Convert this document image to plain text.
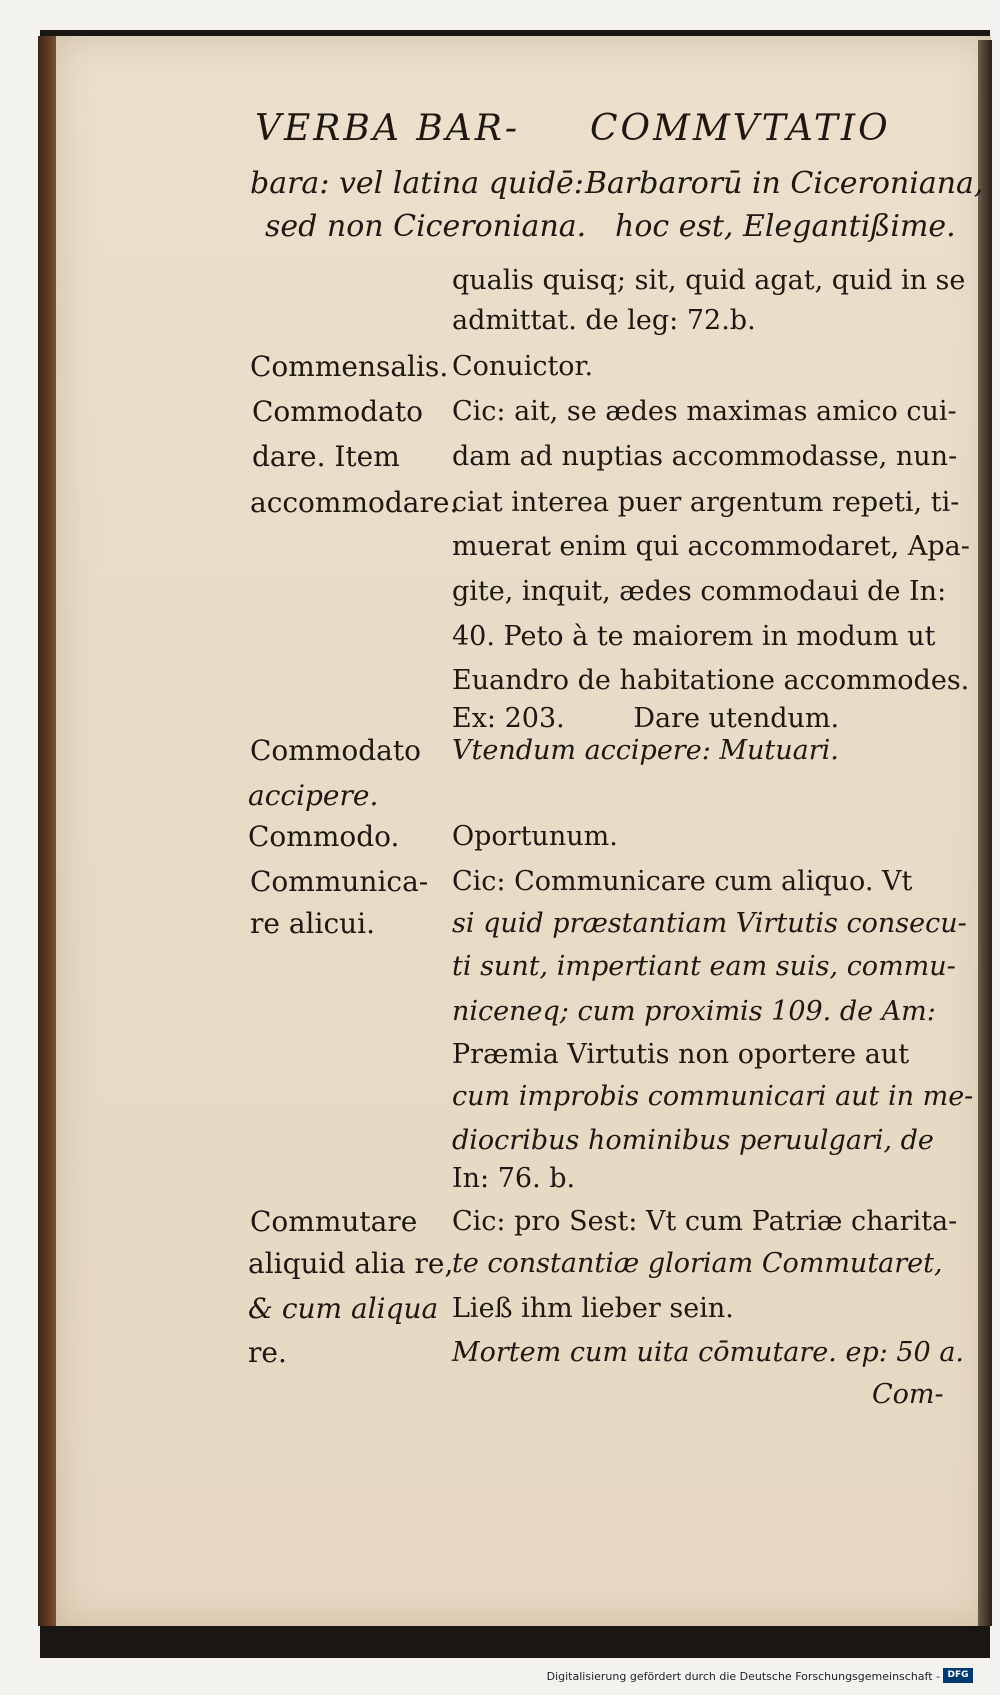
VERBA BAR- COMMVTATIO
bara: vel latina quidē:
sed non Ciceroniana.
Barbarorū in Ciceroniana,
hoc est, Elegantißime.
Commensalis.
Commodato
dare. Item
accommodare.
Commodato
accipere.
Commodo.
Communica-
re alicui.
Commutare
aliquid alia re,
& cum aliqua
re.
qualis quisq; sit, quid agat, quid in se
admittat. de leg: 72.b.
Conuictor.
Cic: ait, se ædes maximas amico cui-
dam ad nuptias accommodasse, nun-
ciat interea puer argentum repeti, ti-
muerat enim qui accommodaret, Apa-
gite, inquit, ædes commodaui de In:
40. Peto à te maiorem in modum ut
Euandro de habitatione accommodes.
Ex: 203.        Dare utendum.
Vtendum accipere: Mutuari.
Oportunum.
Cic: Communicare cum aliquo. Vt
si quid præstantiam Virtutis consecu-
ti sunt, impertiant eam suis, commu-
niceneq; cum proximis 109. de Am:
Præmia Virtutis non oportere aut
cum improbis communicari aut in me-
diocribus hominibus peruulgari, de
In: 76. b.
Cic: pro Sest: Vt cum Patriæ charita-
te constantiæ gloriam Commutaret,
Ließ ihm lieber sein.
Mortem cum uita cōmutare. ep: 50 a.
Com-
Digitalisierung gefördert durch die Deutsche Forschungsgemeinschaft - DFG
